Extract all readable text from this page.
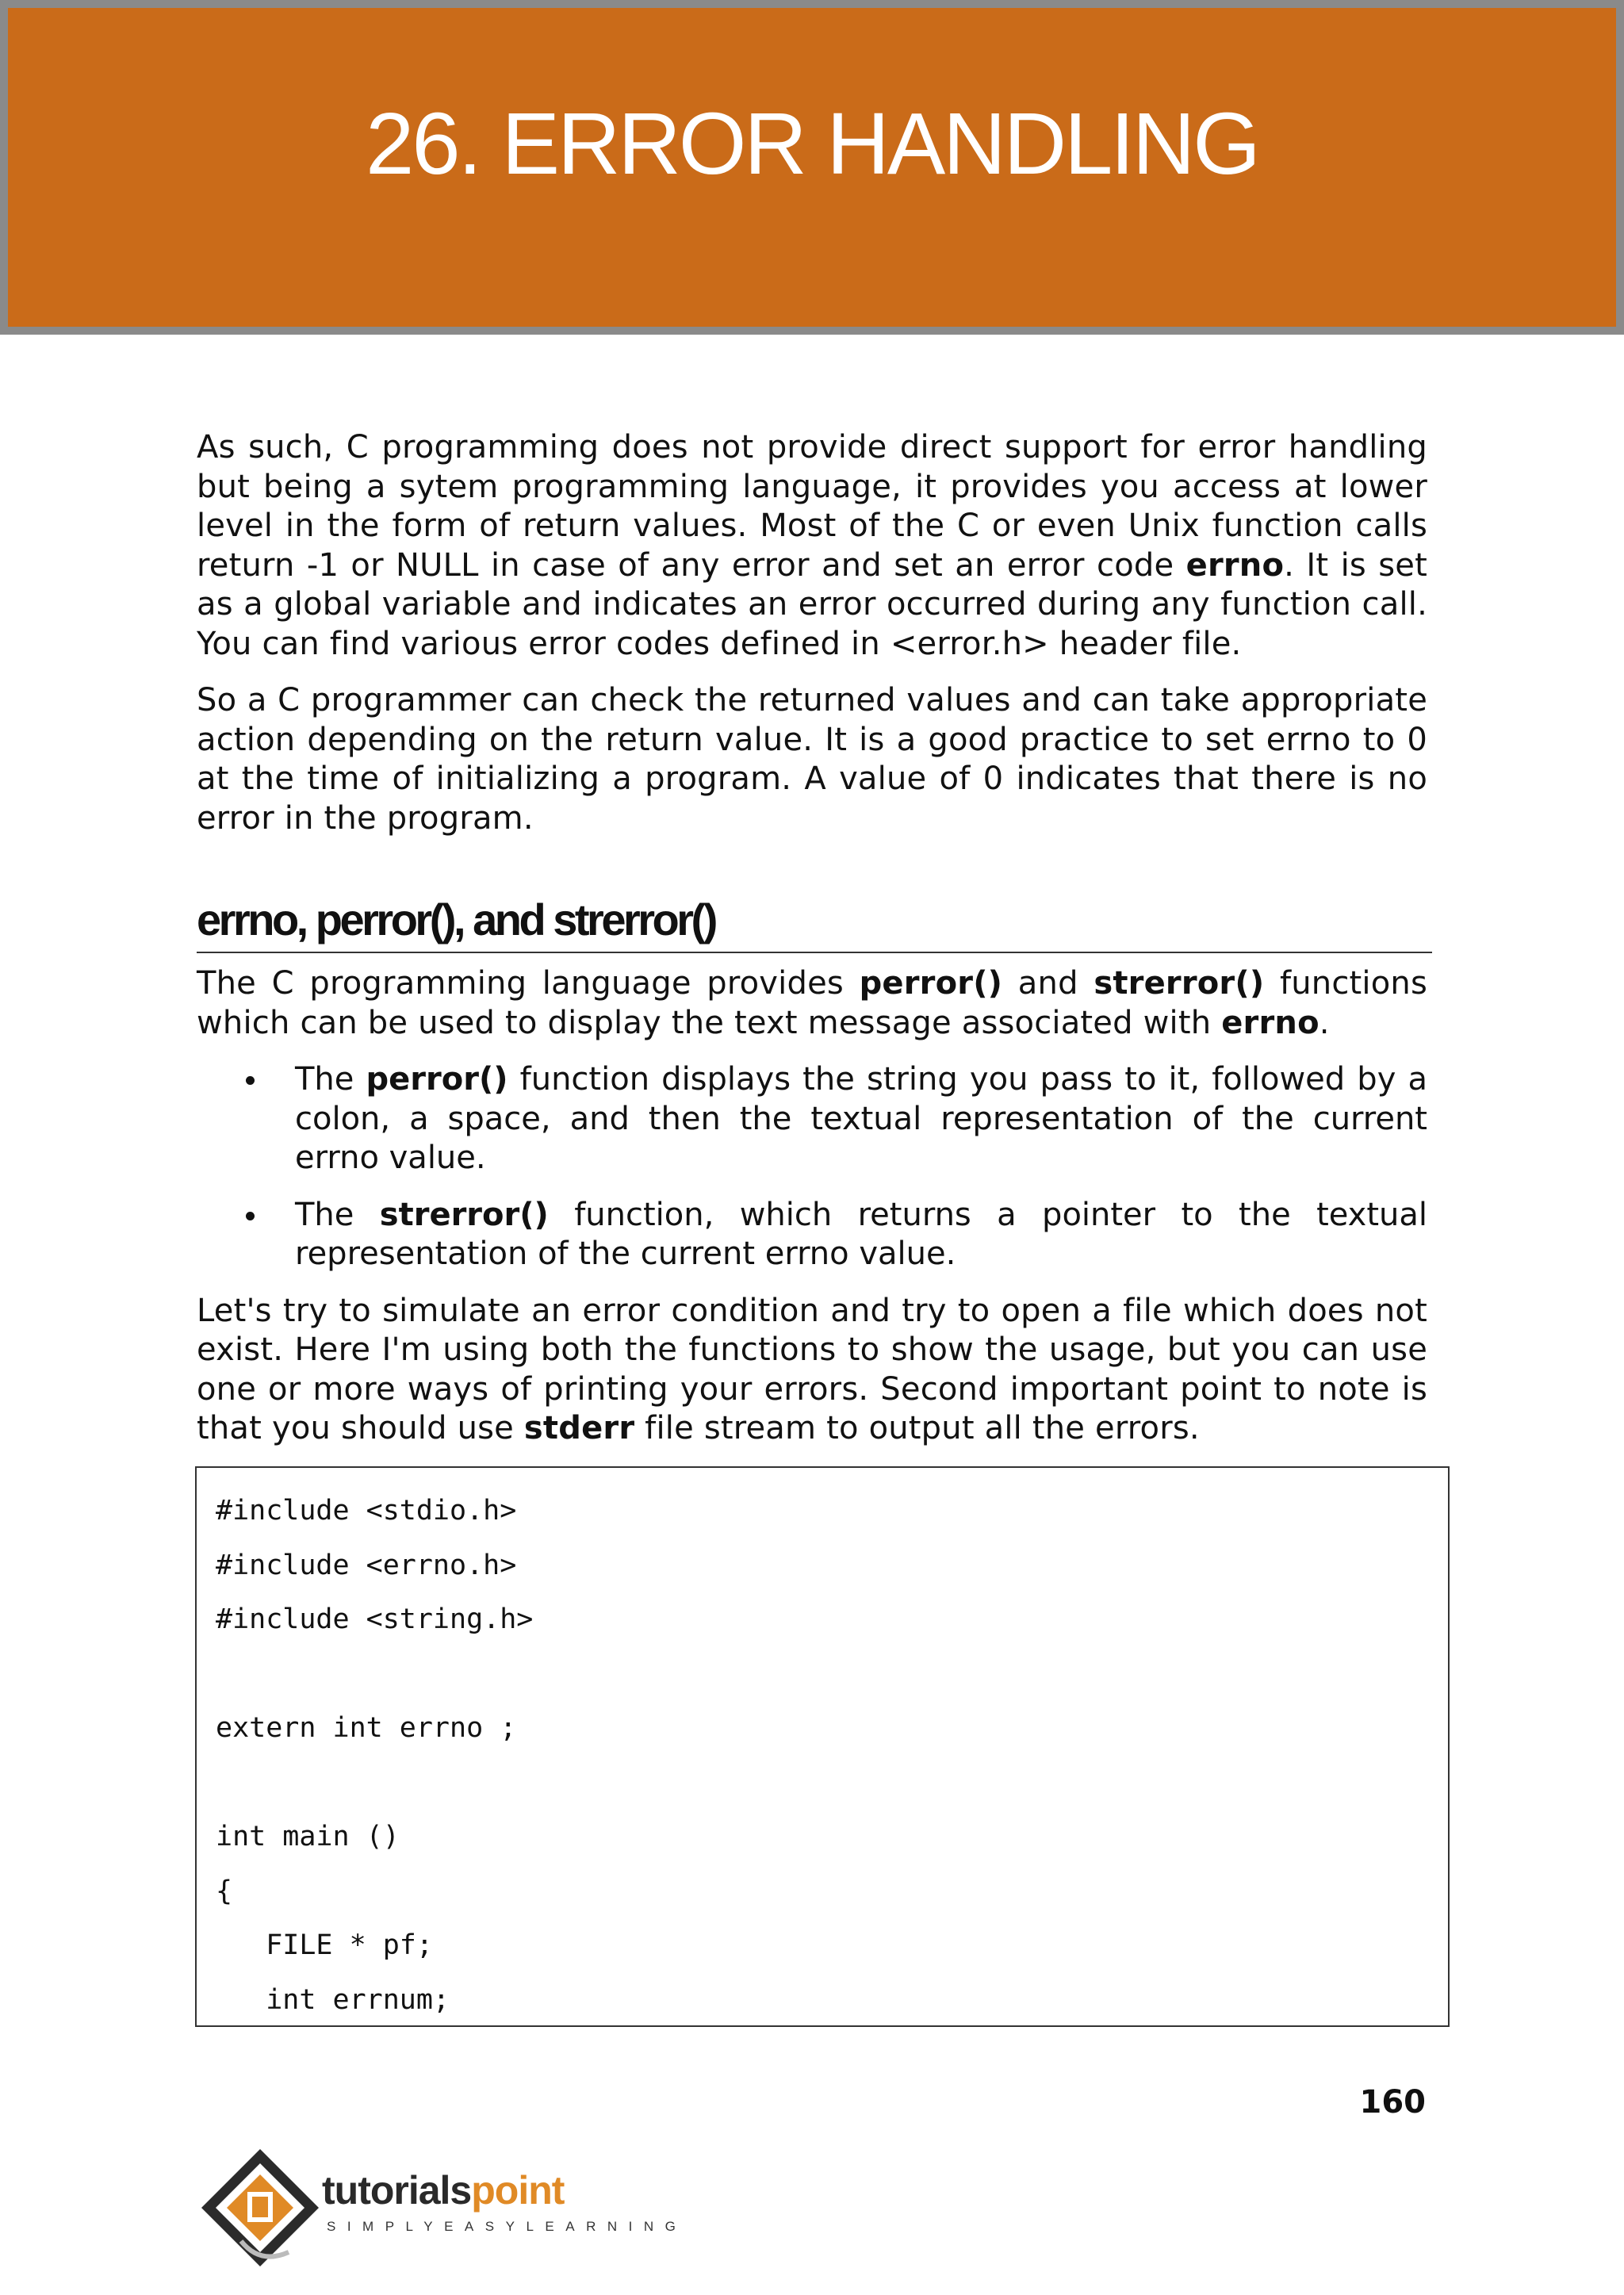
26. ERROR HANDLING

As such, C programming does not provide direct support for error handling but being a sytem programming language, it provides you access at lower level in the form of return values. Most of the C or even Unix function calls return -1 or NULL in case of any error and set an error code errno. It is set as a global variable and indicates an error occurred during any function call. You can find various error codes defined in <error.h> header file.

So a C programmer can check the returned values and can take appropriate action depending on the return value. It is a good practice to set errno to 0 at the time of initializing a program. A value of 0 indicates that there is no error in the program.

errno, perror(), and strerror()

The C programming language provides perror() and strerror() functions which can be used to display the text message associated with errno.

The perror() function displays the string you pass to it, followed by a colon, a space, and then the textual representation of the current errno value.
The strerror() function, which returns a pointer to the textual representation of the current errno value.

Let's try to simulate an error condition and try to open a file which does not exist. Here I'm using both the functions to show the usage, but you can use one or more ways of printing your errors. Second important point to note is that you should use stderr file stream to output all the errors.

#include <stdio.h>
#include <errno.h>
#include <string.h>
extern int errno ;
int main ()
{
FILE * pf;
int errnum;
160
tutorialspoint
SIMPLYEASYLEARNING
